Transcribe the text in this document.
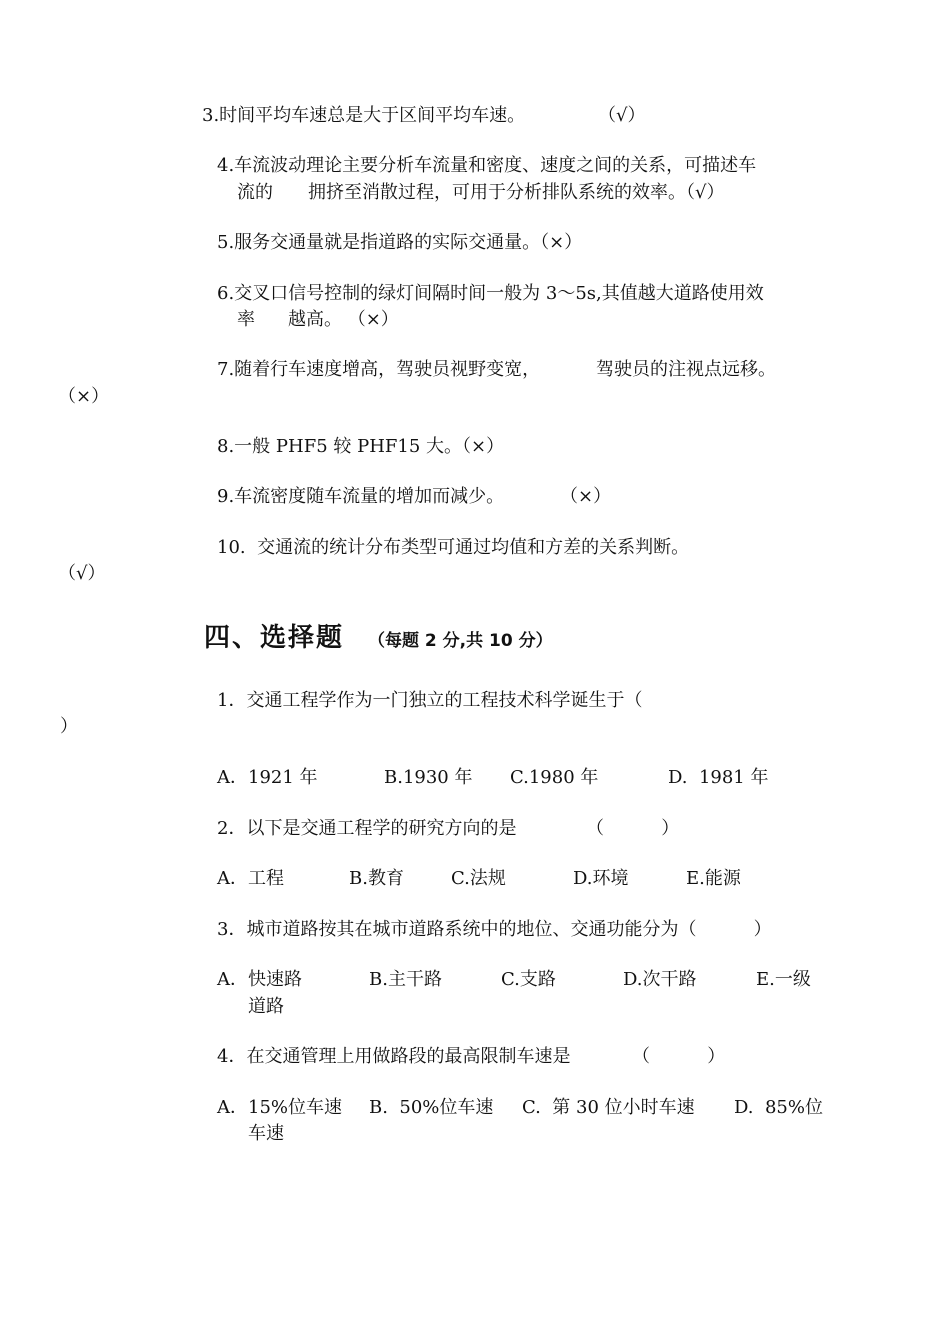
3.时间平均车速总是大于区间平均车速。	（√）
4.车流波动理论主要分析车流量和密度、速度之间的关系，可描述车
流的 拥挤至消散过程，可用于分析排队系统的效率。（√）
5.服务交通量就是指道路的实际交通量。（×）
6.交叉口信号控制的绿灯间隔时间一般为 3～5s,其值越大道路使用效
率 越高。 （×）
7.随着行车速度增高，驾驶员视野变宽，	驾驶员的注视点远移。
（×）
8.一般 PHF5 较 PHF15 大。（×）
9.车流密度随车流量的增加而减少。	（×）
10.  交通流的统计分布类型可通过均值和方差的关系判断。
（√）
四、选择题 （每题 2 分,共 10 分）
1．交通工程学作为一门独立的工程技术科学诞生于（
）
A．1921 年	B.1930 年 C.1980 年	D.  1981 年
2．以下是交通工程学的研究方向的是	（          ）
A．工程	B.教育	C.法规	D.环境	E.能源
3．城市道路按其在城市道路系统中的地位、交通功能分为（          ）
A．快速路	B.主干路	C.支路	D.次干路	E.一级
道路
4．在交通管理上用做路段的最高限制车速是	（          ）
A．15%位车速 B.  50%位车速 C.  第 30 位小时车速 D.  85%位
车速
